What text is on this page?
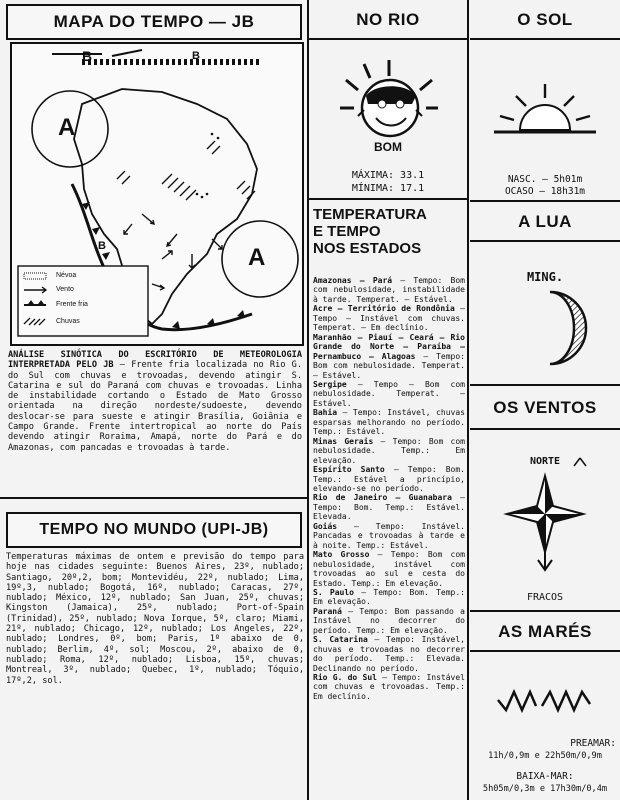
MAPA DO TEMPO — JB
A
A
B
B
B
Névoa
Vento
Frente fria
Chuvas
ANÁLISE SINÓTICA DO ESCRITÓRIO DE METEOROLOGIA INTERPRETADA PELO JB — Frente fria localizada no Rio G. do Sul com chuvas e trovoadas, devendo atingir S. Catarina e sul do Paraná com chuvas e trovoadas. Linha de instabilidade cortando o Estado de Mato Grosso orientada na direção nordeste/sudoeste, devendo deslocar-se para sueste e atingir Brasília, Goiânia e Campo Grande. Frente intertropical ao norte do País devendo atingir Roraima, Amapá, norte do Pará e do Amazonas, com pancadas e trovoadas à tarde.
TEMPO NO MUNDO (UPI-JB)
Temperaturas máximas de ontem e previsão do tempo para hoje nas cidades seguinte: Buenos Aires, 23º, nublado; Santiago, 20º,2, bom; Montevidéu, 22º, nublado; Lima, 19º,3, nublado; Bogotá, 16º, nublado; Caracas, 27º, nublado; México, 12º, nublado; San Juan, 25º, chuvas; Kingston (Jamaica), 25º, nublado; Port-of-Spain (Trinidad), 25º, nublado; Nova Iorque, 5º, claro; Miami, 21º, nublado; Chicago, 12º, nublado; Los Angeles, 22º, nublado; Londres, 0º, bom; Paris, 1º abaixo de 0, nublado; Berlim, 4º, sol; Moscou, 2º, abaixo de 0, nublado; Roma, 12º, nublado; Lisboa, 15º, chuvas; Montreal, 3º, nublado; Quebec, 1º, nublado; Tóquio, 17º,2, sol.
NO RIO
BOM
MÁXIMA: 33.1
MÍNIMA: 17.1
TEMPERATURA
E TEMPO
NOS ESTADOS
Amazonas — Pará — Tempo: Bom com nebulosidade, instabilidade à tarde. Temperat. — Estável.
Acre — Território de Rondônia — Tempo — Instável com chuvas. Temperat. — Em declínio.
Maranhão — Piauí — Ceará — Rio Grande do Norte — Paraíba — Pernambuco — Alagoas — Tempo: Bom com nebulosidade. Temperat. — Estável.
Sergipe — Tempo — Bom com nebulosidade. Temperat. — Estável.
Bahia — Tempo: Instável, chuvas esparsas melhorando no período. Temp.: Estável.
Minas Gerais — Tempo: Bom com nebulosidade. Temp.: Em elevação.
Espírito Santo — Tempo: Bom. Temp.: Estável a princípio, elevando-se no período.
Rio de Janeiro — Guanabara — Tempo: Bom. Temp.: Estável. Elevada.
Goiás — Tempo: Instável. Pancadas e trovoadas à tarde e à noite. Temp.: Estável.
Mato Grosso — Tempo: Bom com nebulosidade, instável com trovoadas ao sul e cesta do Estado. Temp.: Em elevação.
S. Paulo — Tempo: Bom. Temp.: Em elevação.
Paraná — Tempo: Bom passando a Instável no decorrer do período. Temp.: Em elevação.
S. Catarina — Tempo: Instável, chuvas e trovoadas no decorrer do período. Temp.: Elevada. Declinando no período.
Rio G. do Sul — Tempo: Instável com chuvas e trovoadas. Temp.: Em declínio.
O SOL
NASC. — 5h01m
OCASO — 18h31m
A LUA
MING.
OS VENTOS
NORTE
FRACOS
AS MARÉS
PREAMAR:
11h/0,9m e 22h50m/0,9m
BAIXA-MAR:
5h05m/0,3m e 17h30m/0,4m
